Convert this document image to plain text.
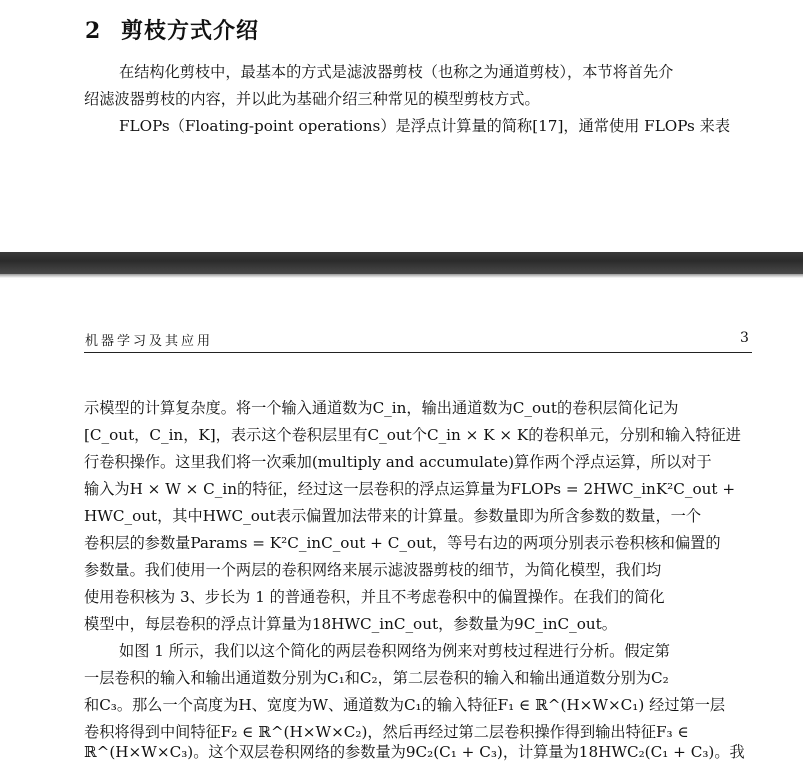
2 剪枝方式介绍

在结构化剪枝中，最基本的方式是滤波器剪枝（也称之为通道剪枝），本节将首先介

绍滤波器剪枝的内容，并以此为基础介绍三种常见的模型剪枝方式。

FLOPs（Floating-point operations）是浮点计算量的简称[17]，通常使用 FLOPs 来表

机器学习及其应用	3

示模型的计算复杂度。将一个输入通道数为C_in，输出通道数为C_out的卷积层简化记为

[C_out，C_in，K]，表示这个卷积层里有C_out个C_in × K × K的卷积单元，分别和输入特征进

行卷积操作。这里我们将一次乘加(multiply and accumulate)算作两个浮点运算，所以对于

输入为H × W × C_in的特征，经过这一层卷积的浮点运算量为FLOPs = 2HWC_inK²C_out +

HWC_out，其中HWC_out表示偏置加法带来的计算量。参数量即为所含参数的数量，一个

卷积层的参数量Params = K²C_inC_out + C_out，等号右边的两项分别表示卷积核和偏置的

参数量。我们使用一个两层的卷积网络来展示滤波器剪枝的细节，为简化模型，我们均

使用卷积核为 3、步长为 1 的普通卷积，并且不考虑卷积中的偏置操作。在我们的简化

模型中，每层卷积的浮点计算量为18HWC_inC_out，参数量为9C_inC_out。

如图 1 所示，我们以这个简化的两层卷积网络为例来对剪枝过程进行分析。假定第

一层卷积的输入和输出通道数分别为C₁和C₂，第二层卷积的输入和输出通道数分别为C₂

和C₃。那么一个高度为H、宽度为W、通道数为C₁的输入特征F₁ ∈ ℝ^(H×W×C₁) 经过第一层

卷积将得到中间特征F₂ ∈ ℝ^(H×W×C₂)，然后再经过第二层卷积操作得到输出特征F₃ ∈

ℝ^(H×W×C₃)。这个双层卷积网络的参数量为9C₂(C₁ + C₃)，计算量为18HWC₂(C₁ + C₃)。我
